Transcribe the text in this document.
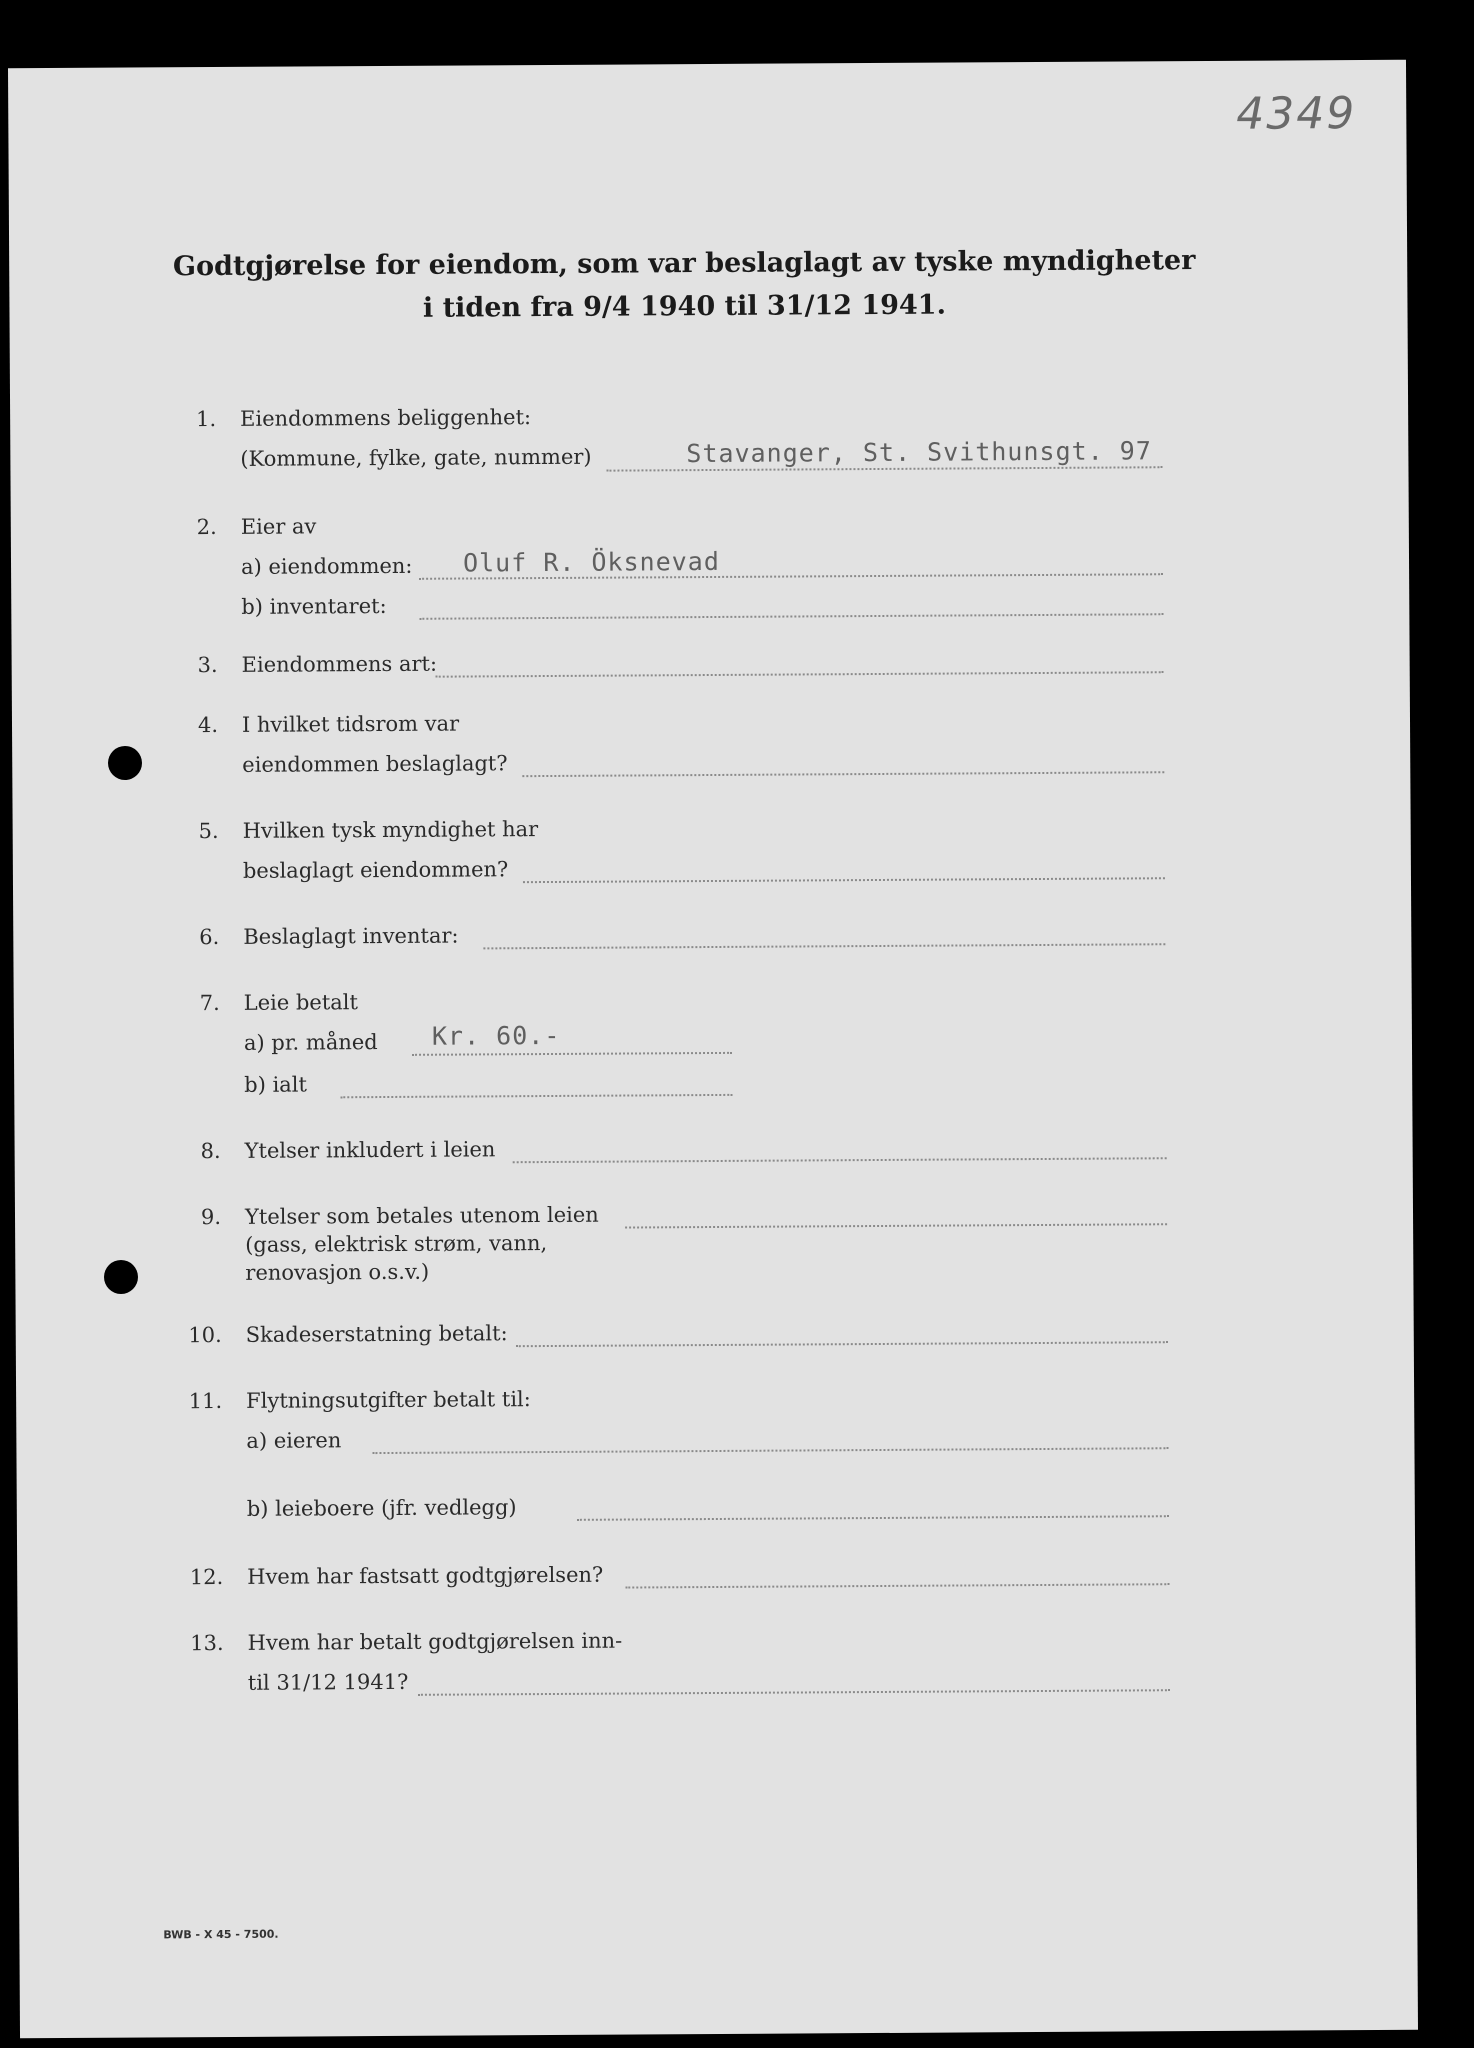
4349
Godtgjørelse for eiendom, som var beslaglagt av tyske myndigheter
i tiden fra 9/4 1940 til 31/12 1941.
1. Eiendommens beliggenhet:
(Kommune, fylke, gate, nummer)	Stavanger, St. Svithunsgt. 97
2. Eier av
a) eiendommen: Oluf R. Öksnevad
b) inventaret:
3. Eiendommens art:
4. I hvilket tidsrom var
eiendommen beslaglagt?
5. Hvilken tysk myndighet har
beslaglagt eiendommen?
6. Beslaglagt inventar:
7. Leie betalt
a) pr. måned Kr. 60.-
b) ialt
8. Ytelser inkludert i leien
9. Ytelser som betales utenom leien
(gass, elektrisk strøm, vann,
renovasjon o.s.v.)
10. Skadeserstatning betalt:
11. Flytningsutgifter betalt til:
a) eieren
b) leieboere (jfr. vedlegg)
12. Hvem har fastsatt godtgjørelsen?
13. Hvem har betalt godtgjørelsen inn-
til 31/12 1941?
BWB - X 45 - 7500.
